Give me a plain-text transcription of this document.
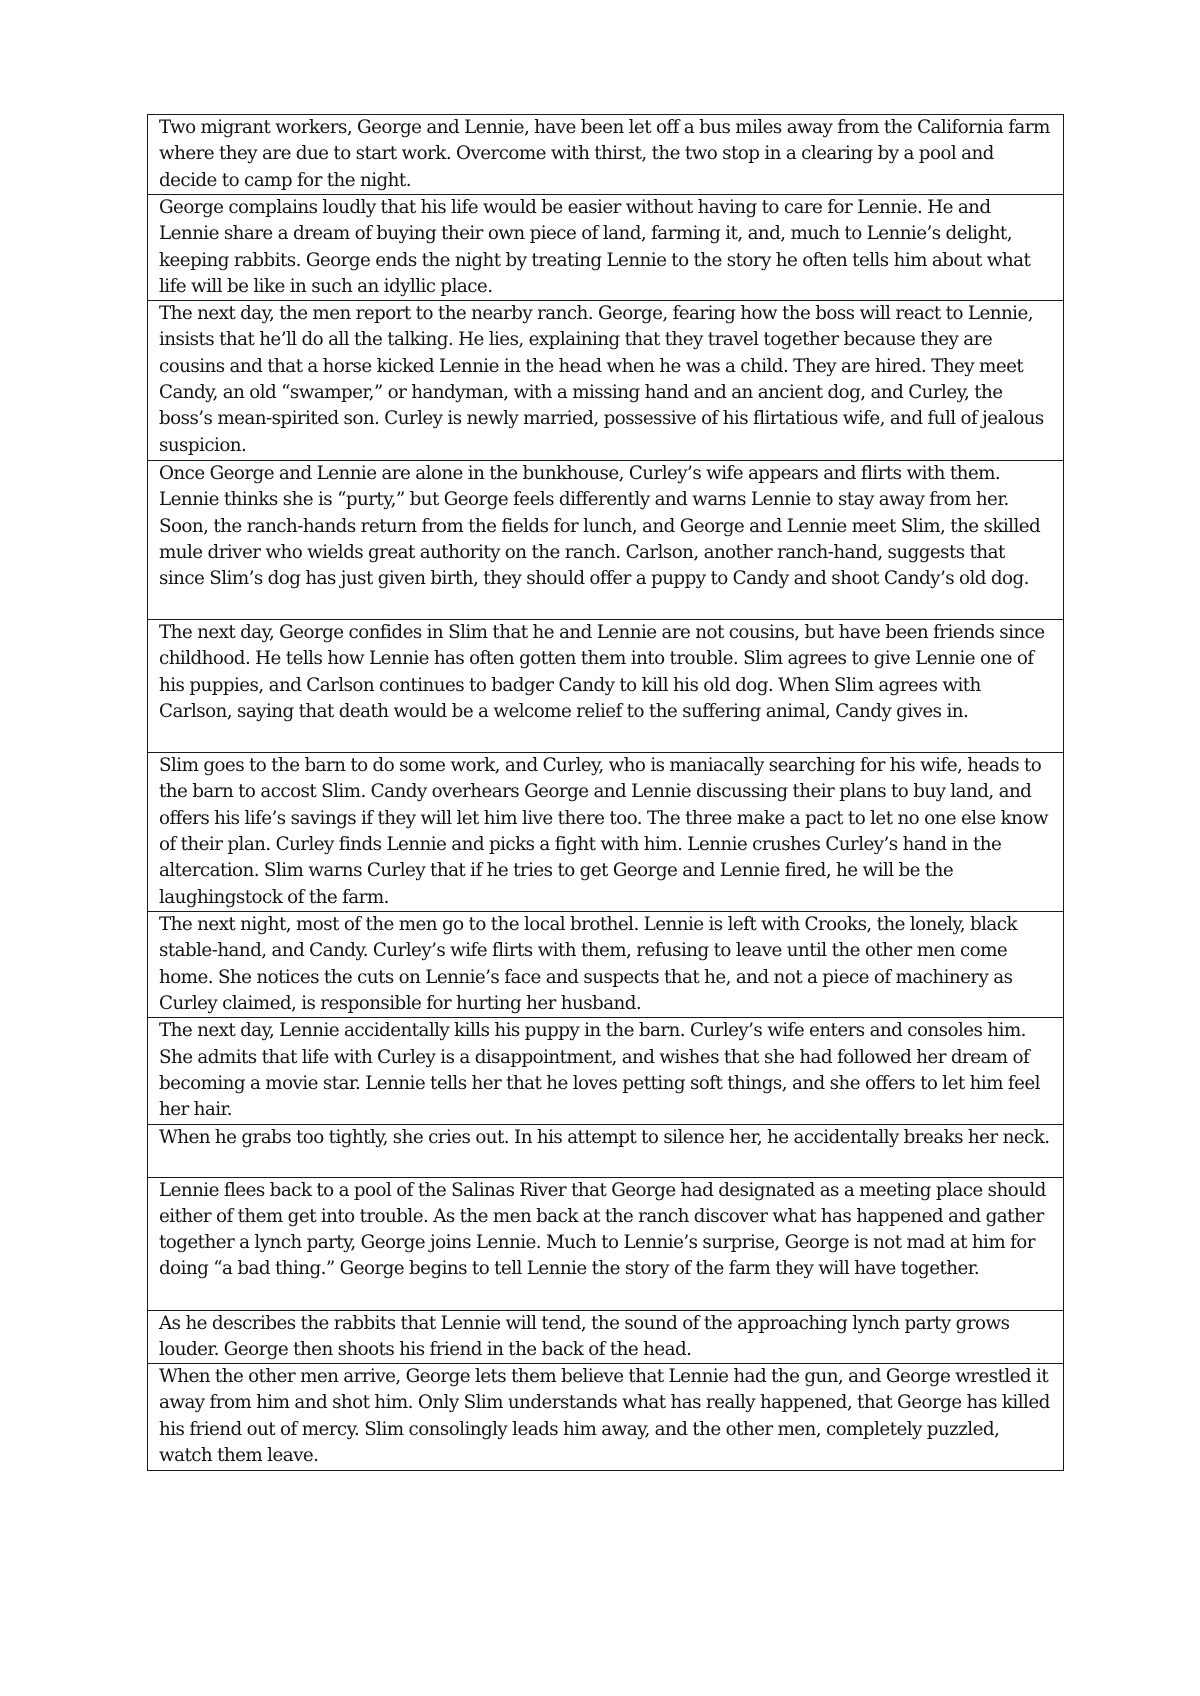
Two migrant workers, George and Lennie, have been let off a bus miles away from the California farm where they are due to start work. Overcome with thirst, the two stop in a clearing by a pool and decide to camp for the night.
George complains loudly that his life would be easier without having to care for Lennie. He and Lennie share a dream of buying their own piece of land, farming it, and, much to Lennie’s delight, keeping rabbits. George ends the night by treating Lennie to the story he often tells him about what life will be like in such an idyllic place.
The next day, the men report to the nearby ranch. George, fearing how the boss will react to Lennie, insists that he’ll do all the talking. He lies, explaining that they travel together because they are cousins and that a horse kicked Lennie in the head when he was a child. They are hired. They meet Candy, an old “swamper,” or handyman, with a missing hand and an ancient dog, and Curley, the boss’s mean-spirited son. Curley is newly married, possessive of his flirtatious wife, and full of jealous suspicion.
Once George and Lennie are alone in the bunkhouse, Curley’s wife appears and flirts with them. Lennie thinks she is “purty,” but George feels differently and warns Lennie to stay away from her. Soon, the ranch-hands return from the fields for lunch, and George and Lennie meet Slim, the skilled mule driver who wields great authority on the ranch. Carlson, another ranch-hand, suggests that since Slim’s dog has just given birth, they should offer a puppy to Candy and shoot Candy’s old dog.
The next day, George confides in Slim that he and Lennie are not cousins, but have been friends since childhood. He tells how Lennie has often gotten them into trouble. Slim agrees to give Lennie one of his puppies, and Carlson continues to badger Candy to kill his old dog. When Slim agrees with Carlson, saying that death would be a welcome relief to the suffering animal, Candy gives in.
Slim goes to the barn to do some work, and Curley, who is maniacally searching for his wife, heads to the barn to accost Slim. Candy overhears George and Lennie discussing their plans to buy land, and offers his life’s savings if they will let him live there too. The three make a pact to let no one else know of their plan. Curley finds Lennie and picks a fight with him. Lennie crushes Curley’s hand in the altercation. Slim warns Curley that if he tries to get George and Lennie fired, he will be the laughingstock of the farm.
The next night, most of the men go to the local brothel. Lennie is left with Crooks, the lonely, black stable-hand, and Candy. Curley’s wife flirts with them, refusing to leave until the other men come home. She notices the cuts on Lennie’s face and suspects that he, and not a piece of machinery as Curley claimed, is responsible for hurting her husband.
The next day, Lennie accidentally kills his puppy in the barn. Curley’s wife enters and consoles him. She admits that life with Curley is a disappointment, and wishes that she had followed her dream of becoming a movie star. Lennie tells her that he loves petting soft things, and she offers to let him feel her hair.
When he grabs too tightly, she cries out. In his attempt to silence her, he accidentally breaks her neck.
Lennie flees back to a pool of the Salinas River that George had designated as a meeting place should either of them get into trouble. As the men back at the ranch discover what has happened and gather together a lynch party, George joins Lennie. Much to Lennie’s surprise, George is not mad at him for doing “a bad thing.” George begins to tell Lennie the story of the farm they will have together.
As he describes the rabbits that Lennie will tend, the sound of the approaching lynch party grows louder. George then shoots his friend in the back of the head.
When the other men arrive, George lets them believe that Lennie had the gun, and George wrestled it away from him and shot him. Only Slim understands what has really happened, that George has killed his friend out of mercy. Slim consolingly leads him away, and the other men, completely puzzled, watch them leave.
